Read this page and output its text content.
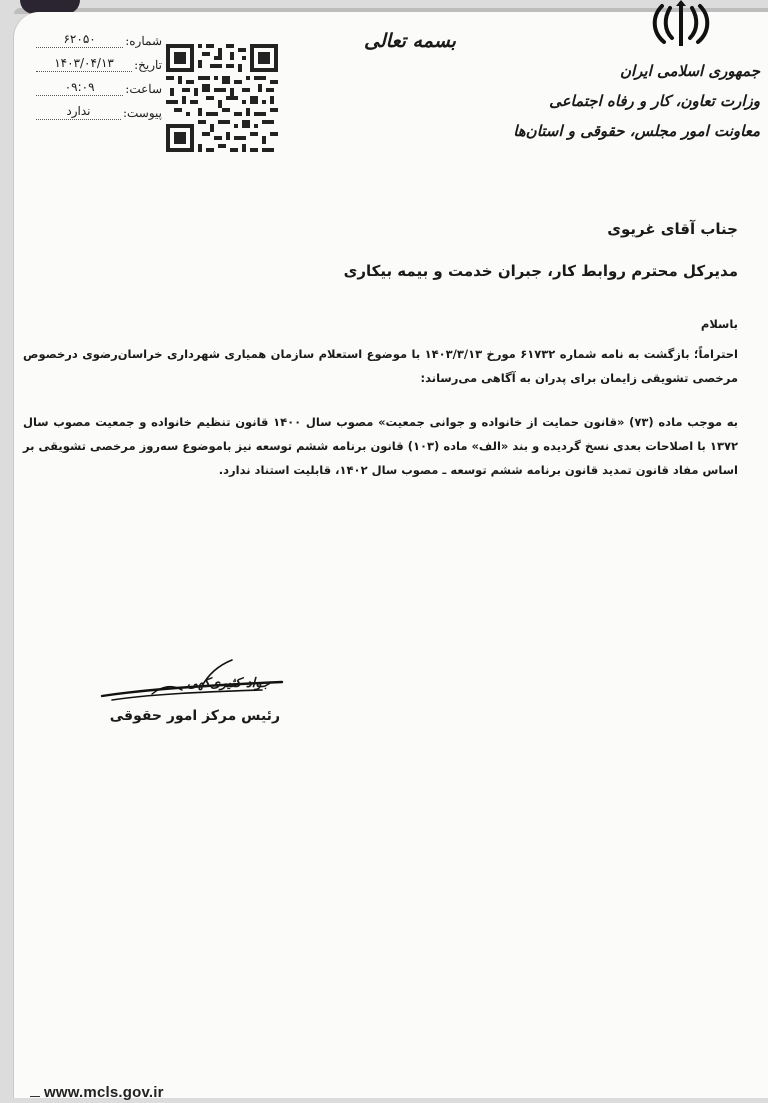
شماره:
۶۲۰۵۰
تاریخ:
۱۴۰۳/۰۴/۱۳
ساعت:
۰۹:۰۹
پیوست:
ندارد
بسمه تعالی
جمهوری اسلامی ایران
وزارت تعاون، کار و رفاه اجتماعی
معاونت امور مجلس، حقوقی و استان‌ها
جناب آقای غریوی
مدیرکل محترم روابط کار، جبران خدمت و بیمه بیکاری
باسلام
احتراماً؛ بازگشت به نامه شماره ۶۱۷۳۲ مورخ ۱۴۰۳/۳/۱۳ با موضوع استعلام سازمان همیاری شهرداری خراسان‌رضوی درخصوص مرخصی تشویقی زایمان برای پدران به آگاهی می‌رساند:
به موجب ماده (۷۳) «قانون حمایت از خانواده و جوانی جمعیت» مصوب سال ۱۴۰۰ قانون تنظیم خانواده و جمعیت مصوب سال ۱۳۷۲ با اصلاحات بعدی نسخ گردیده و بند «الف» ماده (۱۰۳) قانون برنامه ششم توسعه نیز باموضوع سه‌روز مرخصی تشویقی بر اساس مفاد قانون تمدید قانون برنامه ششم توسعه ـ مصوب سال ۱۴۰۲، قابلیت استناد ندارد.
جواد کثیری‌کهی
رئیس مرکز امور حقوقی
www.mcls.gov.ir
